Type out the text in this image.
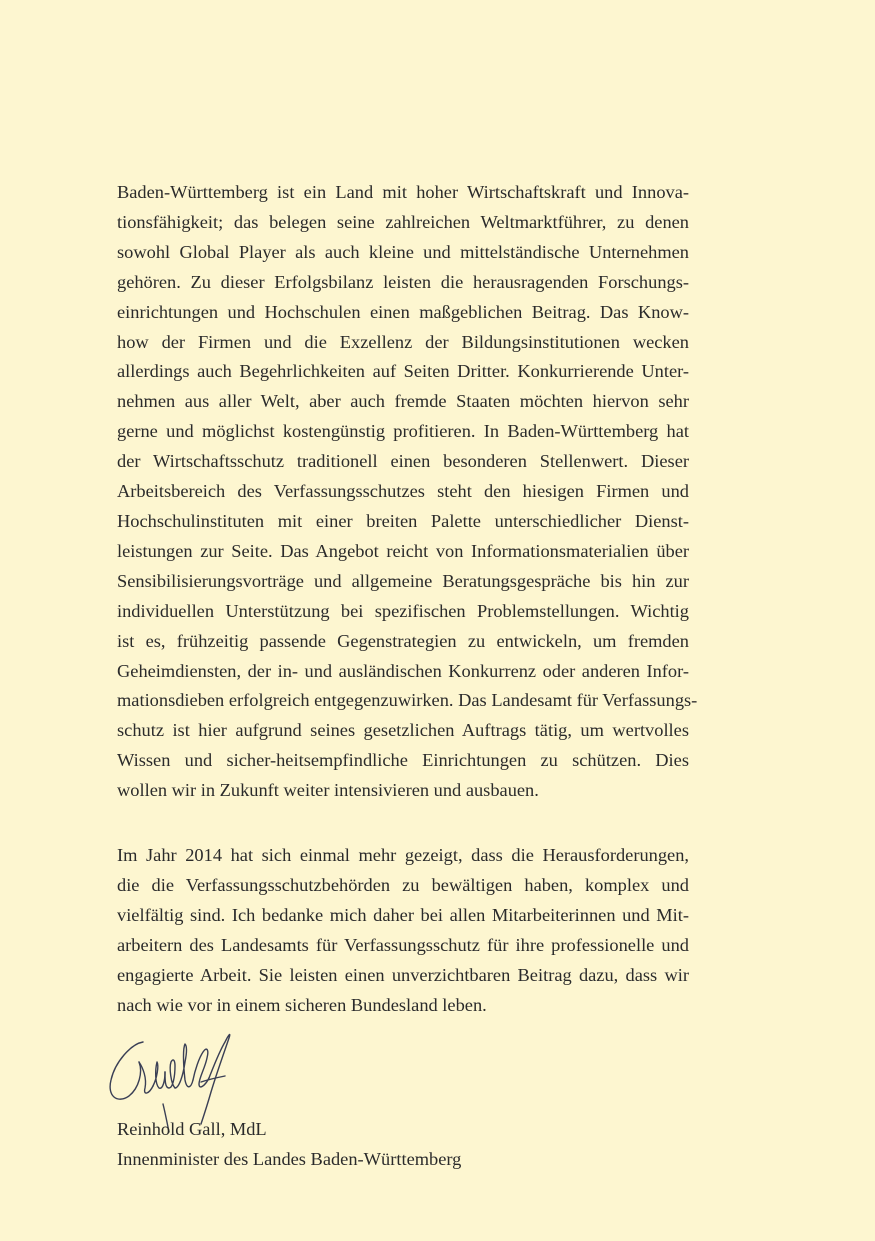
Baden-Württemberg ist ein Land mit hoher Wirtschaftskraft und Innova-
tionsfähigkeit; das belegen seine zahlreichen Weltmarktführer, zu denen
sowohl Global Player als auch kleine und mittelständische Unternehmen
gehören. Zu dieser Erfolgsbilanz leisten die herausragenden Forschungs-
einrichtungen und Hochschulen einen maßgeblichen Beitrag. Das Know-
how der Firmen und die Exzellenz der Bildungsinstitutionen wecken
allerdings auch Begehrlichkeiten auf Seiten Dritter. Konkurrierende Unter-
nehmen aus aller Welt, aber auch fremde Staaten möchten hiervon sehr
gerne und möglichst kostengünstig profitieren. In Baden-Württemberg hat
der Wirtschaftsschutz traditionell einen besonderen Stellenwert. Dieser
Arbeitsbereich des Verfassungsschutzes steht den hiesigen Firmen und
Hochschulinstituten mit einer breiten Palette unterschiedlicher Dienst-
leistungen zur Seite. Das Angebot reicht von Informationsmaterialien über
Sensibilisierungsvorträge und allgemeine Beratungsgespräche bis hin zur
individuellen Unterstützung bei spezifischen Problemstellungen. Wichtig
ist es, frühzeitig passende Gegenstrategien zu entwickeln, um fremden
Geheimdiensten, der in- und ausländischen Konkurrenz oder anderen Infor-
mationsdieben erfolgreich entgegenzuwirken. Das Landesamt für Verfassungs-
schutz ist hier aufgrund seines gesetzlichen Auftrags tätig, um wertvolles
Wissen und sicher-heitsempfindliche Einrichtungen zu schützen. Dies
wollen wir in Zukunft weiter intensivieren und ausbauen.
Im Jahr 2014 hat sich einmal mehr gezeigt, dass die Herausforderungen,
die die Verfassungsschutzbehörden zu bewältigen haben, komplex und
vielfältig sind. Ich bedanke mich daher bei allen Mitarbeiterinnen und Mit-
arbeitern des Landesamts für Verfassungsschutz für ihre professionelle und
engagierte Arbeit. Sie leisten einen unverzichtbaren Beitrag dazu, dass wir
nach wie vor in einem sicheren Bundesland leben.
Reinhold Gall, MdL
Innenminister des Landes Baden-Württemberg
